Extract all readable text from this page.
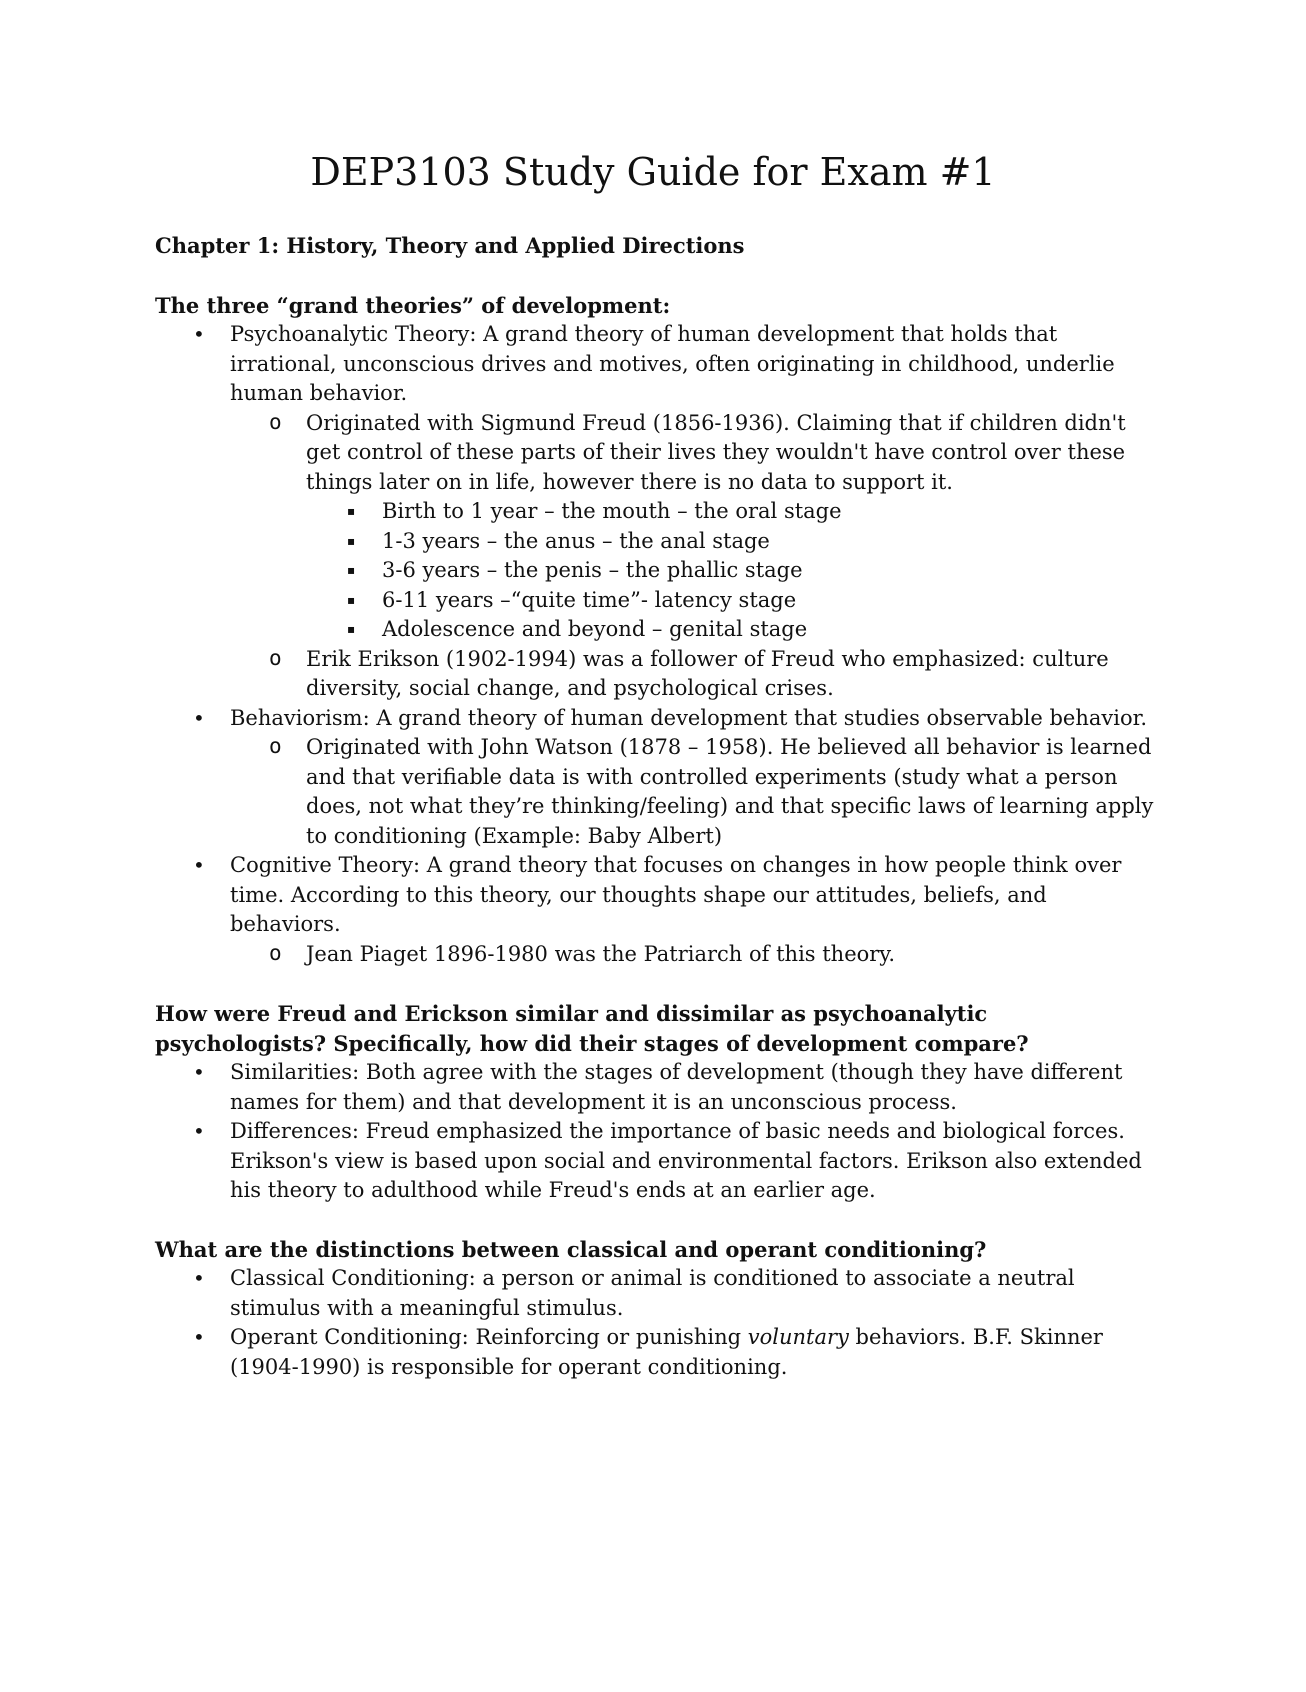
DEP3103 Study Guide for Exam #1

Chapter 1: History, Theory and Applied Directions

The three “grand theories” of development:

• Psychoanalytic Theory: A grand theory of human development that holds that irrational, unconscious drives and motives, often originating in childhood, underlie human behavior.
o Originated with Sigmund Freud (1856-1936). Claiming that if children didn't get control of these parts of their lives they wouldn't have control over these things later on in life, however there is no data to support it.
▪ Birth to 1 year – the mouth – the oral stage
▪ 1-3 years – the anus – the anal stage
▪ 3-6 years – the penis – the phallic stage
▪ 6-11 years –“quite time”- latency stage
▪ Adolescence and beyond – genital stage
o Erik Erikson (1902-1994) was a follower of Freud who emphasized: culture diversity, social change, and psychological crises.
• Behaviorism: A grand theory of human development that studies observable behavior.
o Originated with John Watson (1878 – 1958). He believed all behavior is learned and that verifiable data is with controlled experiments (study what a person does, not what they’re thinking/feeling) and that specific laws of learning apply to conditioning (Example: Baby Albert)
• Cognitive Theory: A grand theory that focuses on changes in how people think over time. According to this theory, our thoughts shape our attitudes, beliefs, and behaviors.
o Jean Piaget 1896-1980 was the Patriarch of this theory.

How were Freud and Erickson similar and dissimilar as psychoanalytic psychologists? Specifically, how did their stages of development compare?

• Similarities: Both agree with the stages of development (though they have different names for them) and that development it is an unconscious process.
• Differences: Freud emphasized the importance of basic needs and biological forces. Erikson's view is based upon social and environmental factors. Erikson also extended his theory to adulthood while Freud's ends at an earlier age.

What are the distinctions between classical and operant conditioning?

• Classical Conditioning: a person or animal is conditioned to associate a neutral stimulus with a meaningful stimulus.
• Operant Conditioning: Reinforcing or punishing voluntary behaviors. B.F. Skinner (1904-1990) is responsible for operant conditioning.
